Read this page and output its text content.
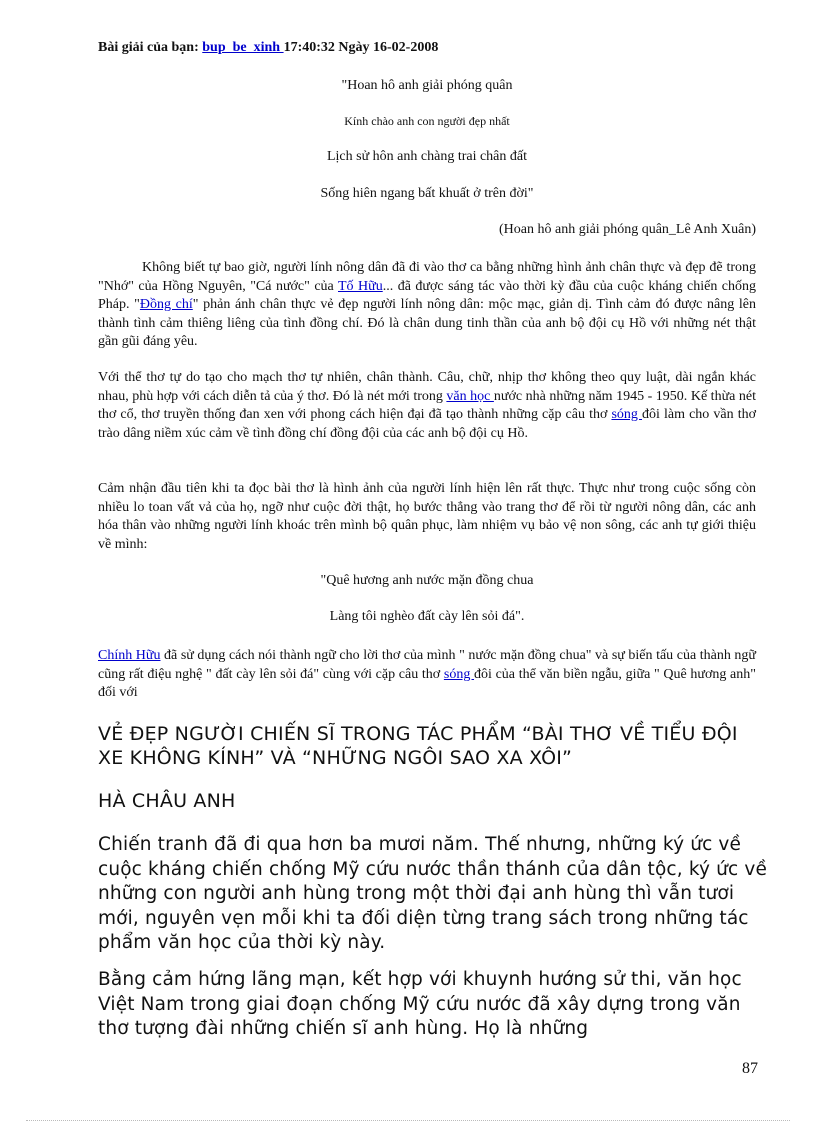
Bài giải của bạn: bup_be_xinh 17:40:32 Ngày 16-02-2008
"Hoan hô anh giải phóng quân
Kính chào anh con người đẹp nhất
Lịch sử hôn anh chàng trai chân đất
Sống hiên ngang bất khuất ở trên đời"
(Hoan hô anh giải phóng quân_Lê Anh Xuân)
Không biết tự bao giờ, người lính nông dân đã đi vào thơ ca bằng những hình ảnh chân thực và đẹp đẽ trong "Nhớ" của Hồng Nguyên, "Cá nước" của Tố Hữu... đã được sáng tác vào thời kỳ đầu của cuộc kháng chiến chống Pháp. "Đồng chí" phản ánh chân thực vẻ đẹp người lính nông dân: mộc mạc, giản dị. Tình cảm đó được nâng lên thành tình cảm thiêng liêng của tình đồng chí. Đó là chân dung tinh thần của anh bộ đội cụ Hồ với những nét thật gần gũi đáng yêu.
Với thể thơ tự do tạo cho mạch thơ tự nhiên, chân thành. Câu, chữ, nhịp thơ không theo quy luật, dài ngắn khác nhau, phù hợp với cách diễn tả của ý thơ. Đó là nét mới trong văn học nước nhà những năm 1945 - 1950. Kế thừa nét thơ cổ, thơ truyền thống đan xen với phong cách hiện đại đã tạo thành những cặp câu thơ sóng đôi làm cho vần thơ trào dâng niềm xúc cảm về tình đồng chí đồng đội của các anh bộ đội cụ Hồ.
Cảm nhận đầu tiên khi ta đọc bài thơ là hình ảnh của người lính hiện lên rất thực. Thực như trong cuộc sống còn nhiều lo toan vất vả của họ, ngỡ như cuộc đời thật, họ bước thẳng vào trang thơ để rồi từ người nông dân, các anh hóa thân vào những người lính khoác trên mình bộ quân phục, làm nhiệm vụ bảo vệ non sông, các anh tự giới thiệu về mình:
"Quê hương anh nước mặn đồng chua
Làng tôi nghèo đất cày lên sỏi đá".
Chính Hữu đã sử dụng cách nói thành ngữ cho lời thơ của mình " nước mặn đồng chua" và sự biến tấu của thành ngữ cũng rất điệu nghệ " đất cày lên sỏi đá" cùng với cặp câu thơ sóng đôi của thể văn biền ngẫu, giữa " Quê hương anh" đối với
VẺ ĐẸP NGƯỜI CHIẾN SĨ TRONG TÁC PHẨM “BÀI THƠ VỀ TIỂU ĐỘI XE KHÔNG KÍNH” VÀ “NHỮNG NGÔI SAO XA XÔI”
HÀ CHÂU ANH
Chiến tranh đã đi qua hơn ba mươi năm. Thế nhưng, những ký ức về cuộc kháng chiến chống Mỹ cứu nước thần thánh của dân tộc, ký ức về những con người anh hùng trong một thời đại anh hùng thì vẫn tươi mới, nguyên vẹn mỗi khi ta đối diện từng trang sách trong những tác phẩm văn học của thời kỳ này.
Bằng cảm hứng lãng mạn, kết hợp với khuynh hướng sử thi, văn học Việt Nam trong giai đoạn chống Mỹ cứu nước đã xây dựng trong văn thơ tượng đài những chiến sĩ anh hùng. Họ là những
87
